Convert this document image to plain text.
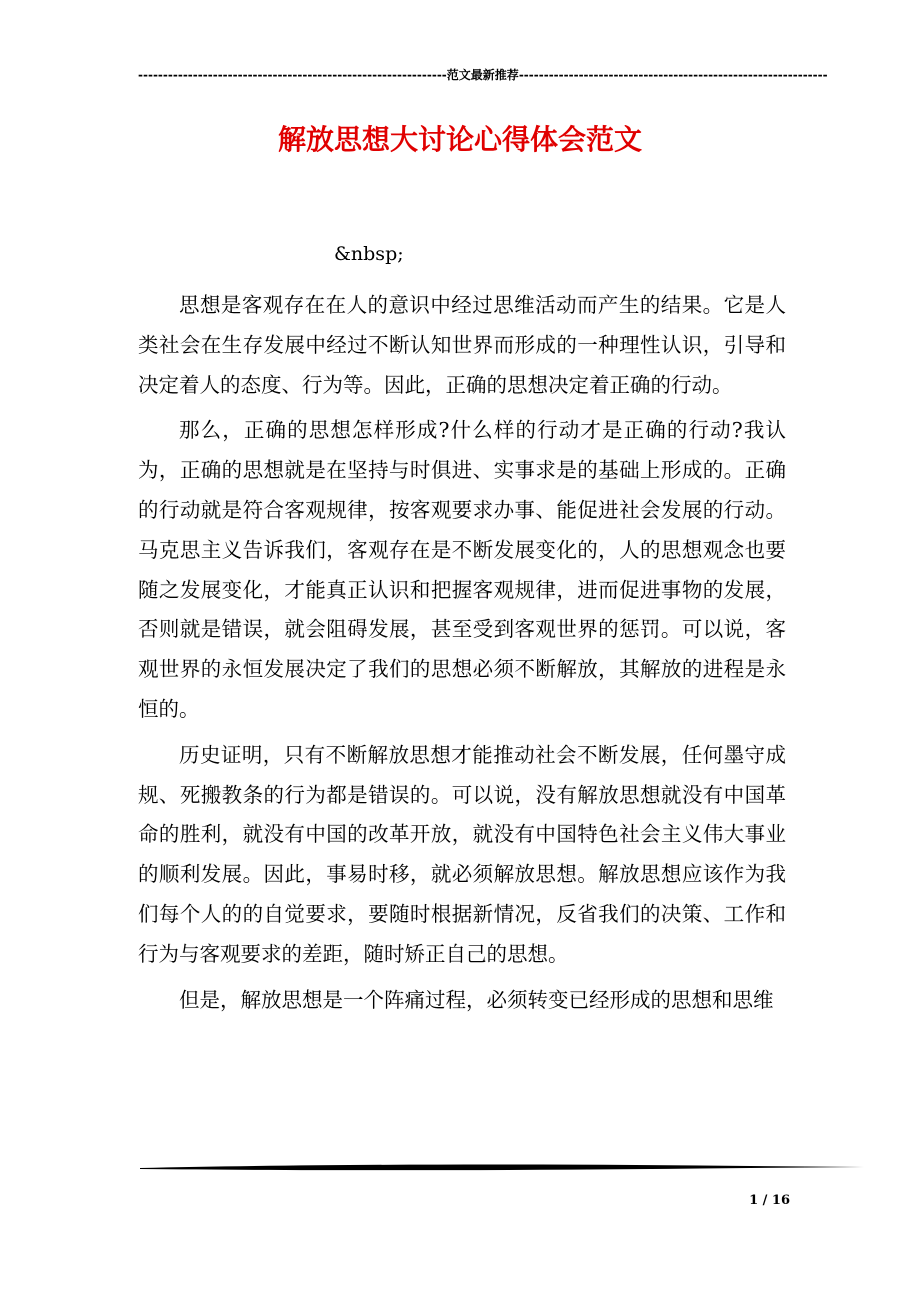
--------------------------------------------------------------范文最新推荐--------------------------------------------------------------
解放思想大讨论心得体会范文
&nbsp;

思想是客观存在在人的意识中经过思维活动而产生的结果。它是人类社会在生存发展中经过不断认知世界而形成的一种理性认识，引导和决定着人的态度、行为等。因此，正确的思想决定着正确的行动。

那么，正确的思想怎样形成?什么样的行动才是正确的行动?我认为，正确的思想就是在坚持与时俱进、实事求是的基础上形成的。正确的行动就是符合客观规律，按客观要求办事、能促进社会发展的行动。马克思主义告诉我们，客观存在是不断发展变化的，人的思想观念也要随之发展变化，才能真正认识和把握客观规律，进而促进事物的发展，否则就是错误，就会阻碍发展，甚至受到客观世界的惩罚。可以说，客观世界的永恒发展决定了我们的思想必须不断解放，其解放的进程是永恒的。

历史证明，只有不断解放思想才能推动社会不断发展，任何墨守成规、死搬教条的行为都是错误的。可以说，没有解放思想就没有中国革命的胜利，就没有中国的改革开放，就没有中国特色社会主义伟大事业的顺利发展。因此，事易时移，就必须解放思想。解放思想应该作为我们每个人的的自觉要求，要随时根据新情况，反省我们的决策、工作和行为与客观要求的差距，随时矫正自己的思想。

但是，解放思想是一个阵痛过程，必须转变已经形成的思想和思维

1 / 16
